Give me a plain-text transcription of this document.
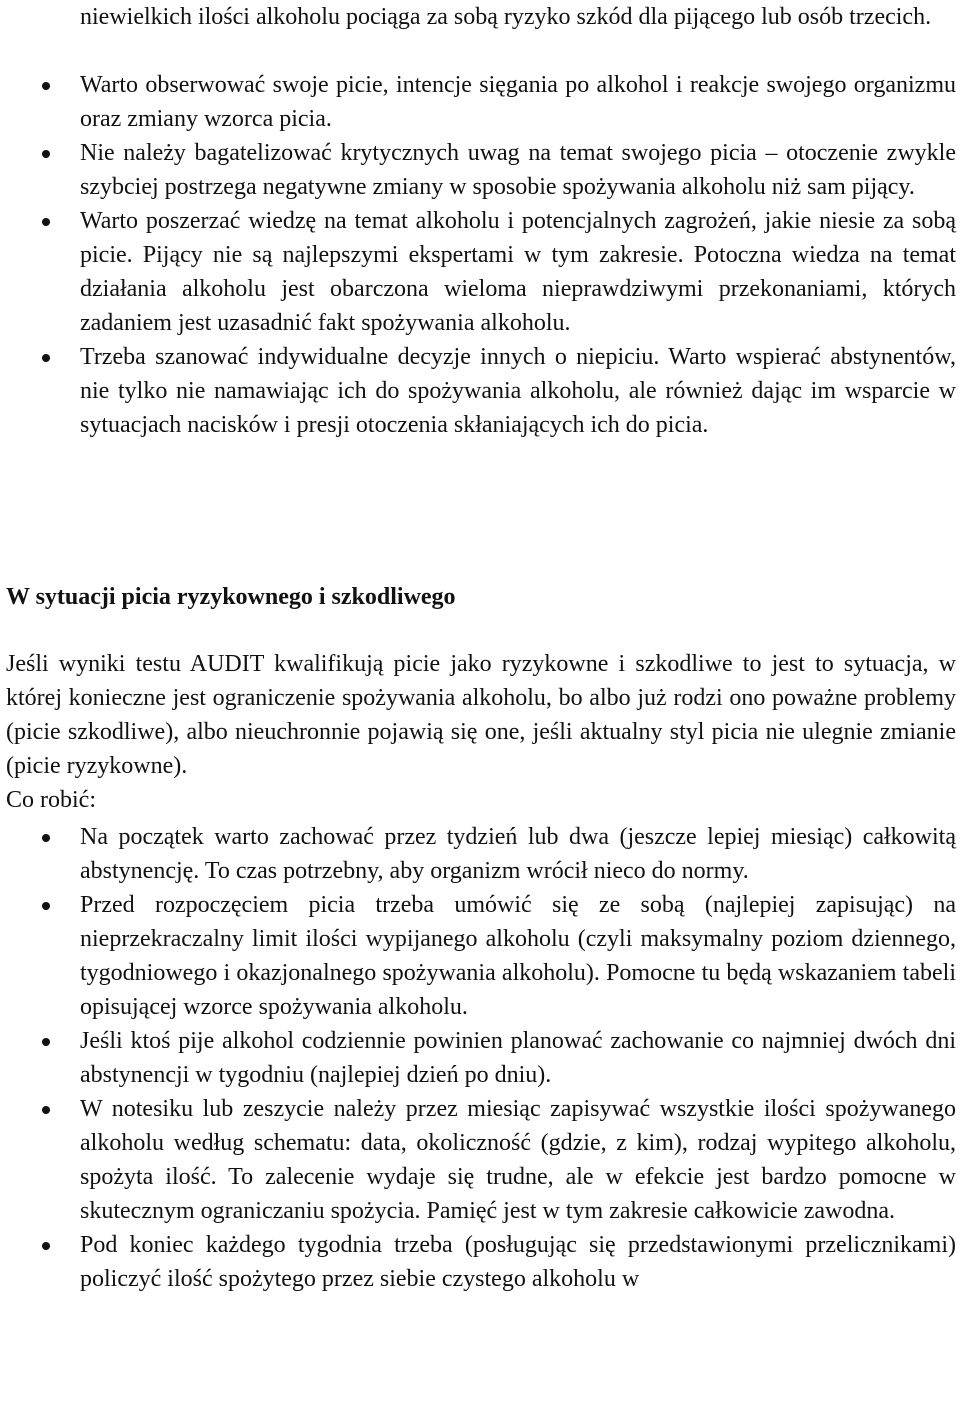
niewielkich ilości alkoholu pociąga za sobą ryzyko szkód dla pijącego lub osób trzecich.
Warto obserwować swoje picie, intencje sięgania po alkohol i reakcje swojego organizmu oraz zmiany wzorca picia.
Nie należy bagatelizować krytycznych uwag na temat swojego picia – otoczenie zwykle szybciej postrzega negatywne zmiany w sposobie spożywania alkoholu niż sam pijący.
Warto poszerzać wiedzę na temat alkoholu i potencjalnych zagrożeń, jakie niesie za sobą picie. Pijący nie są najlepszymi ekspertami w tym zakresie. Potoczna wiedza na temat działania alkoholu jest obarczona wieloma nieprawdziwymi przekonaniami, których zadaniem jest uzasadnić fakt spożywania alkoholu.
Trzeba szanować indywidualne decyzje innych o niepiciu. Warto wspierać abstynentów, nie tylko nie namawiając ich do spożywania alkoholu, ale również dając im wsparcie w sytuacjach nacisków i presji otoczenia skłaniających ich do picia.
W sytuacji picia ryzykownego i szkodliwego

Jeśli wyniki testu AUDIT kwalifikują picie jako ryzykowne i szkodliwe to jest to sytuacja, w której konieczne jest ograniczenie spożywania alkoholu, bo albo już rodzi ono poważne problemy (picie szkodliwe), albo nieuchronnie pojawią się one, jeśli aktualny styl picia nie ulegnie zmianie (picie ryzykowne).

Co robić:

Na początek warto zachować przez tydzień lub dwa (jeszcze lepiej miesiąc) całkowitą abstynencję. To czas potrzebny, aby organizm wrócił nieco do normy.
Przed rozpoczęciem picia trzeba umówić się ze sobą (najlepiej zapisując) na nieprzekraczalny limit ilości wypijanego alkoholu (czyli maksymalny poziom dziennego, tygodniowego i okazjonalnego spożywania alkoholu). Pomocne tu będą wskazaniem tabeli opisującej wzorce spożywania alkoholu.
Jeśli ktoś pije alkohol codziennie powinien planować zachowanie co najmniej dwóch dni abstynencji w tygodniu (najlepiej dzień po dniu).
W notesiku lub zeszycie należy przez miesiąc zapisywać wszystkie ilości spożywanego alkoholu według schematu: data, okoliczność (gdzie, z kim), rodzaj wypitego alkoholu, spożyta ilość. To zalecenie wydaje się trudne, ale w efekcie jest bardzo pomocne w skutecznym ograniczaniu spożycia. Pamięć jest w tym zakresie całkowicie zawodna.
Pod koniec każdego tygodnia trzeba (posługując się przedstawionymi przelicznikami) policzyć ilość spożytego przez siebie czystego alkoholu w
